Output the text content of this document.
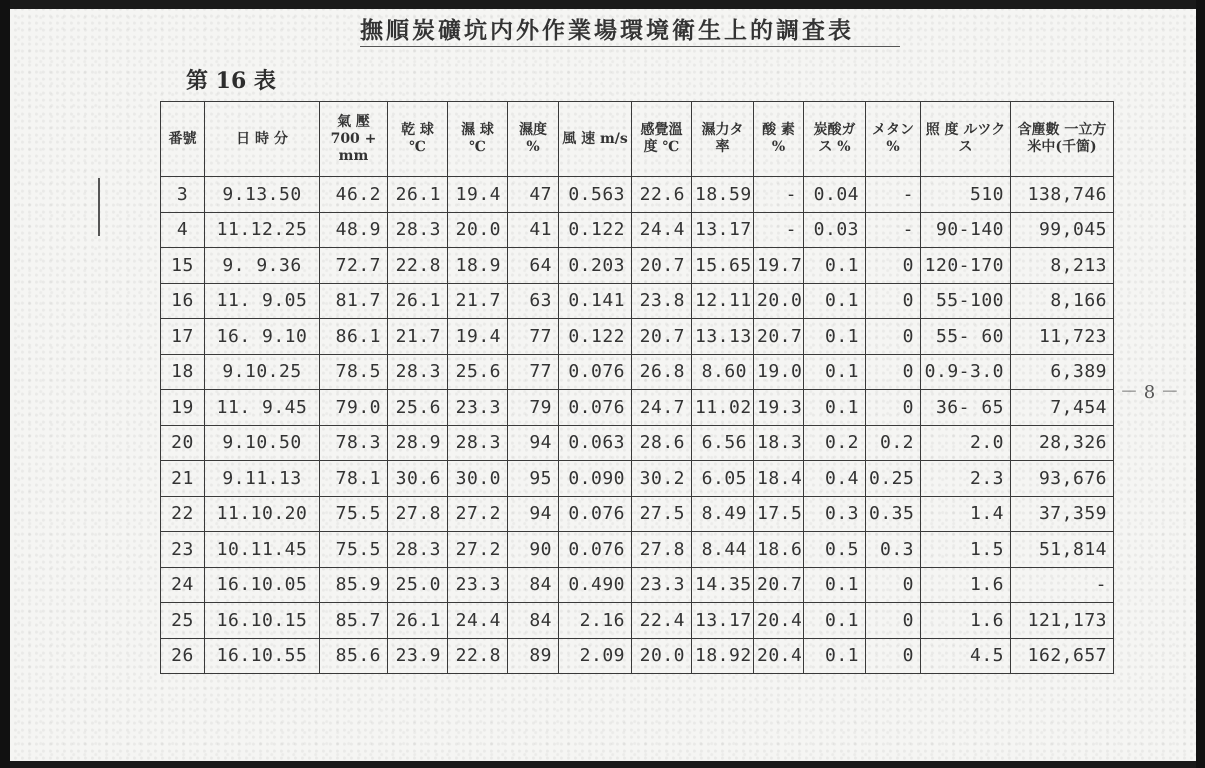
撫順炭礦坑内外作業場環境衛生上的調査表
第 16 表
－ 8 －
番號	日 時 分	氣 壓 700 + mm	乾 球 ℃	濕 球 ℃	濕度 %	風 速 m/s	感覺溫度 ℃	濕力タ 率	酸 素 %	炭酸ガス %	メタン %	照 度 ルツクス	含塵數 一立方米中(千箇)

3	9.13.50	46.2	26.1	19.4	47	0.563	22.6	18.59	-	0.04	-	510	138,746
4	11.12.25	48.9	28.3	20.0	41	0.122	24.4	13.17	-	0.03	-	90-140	99,045
15	9. 9.36	72.7	22.8	18.9	64	0.203	20.7	15.65	19.7	0.1	0	120-170	8,213
16	11. 9.05	81.7	26.1	21.7	63	0.141	23.8	12.11	20.0	0.1	0	55-100	8,166
17	16. 9.10	86.1	21.7	19.4	77	0.122	20.7	13.13	20.7	0.1	0	55- 60	11,723
18	9.10.25	78.5	28.3	25.6	77	0.076	26.8	8.60	19.0	0.1	0	0.9-3.0	6,389
19	11. 9.45	79.0	25.6	23.3	79	0.076	24.7	11.02	19.3	0.1	0	36- 65	7,454
20	9.10.50	78.3	28.9	28.3	94	0.063	28.6	6.56	18.3	0.2	0.2	2.0	28,326
21	9.11.13	78.1	30.6	30.0	95	0.090	30.2	6.05	18.4	0.4	0.25	2.3	93,676
22	11.10.20	75.5	27.8	27.2	94	0.076	27.5	8.49	17.5	0.3	0.35	1.4	37,359
23	10.11.45	75.5	28.3	27.2	90	0.076	27.8	8.44	18.6	0.5	0.3	1.5	51,814
24	16.10.05	85.9	25.0	23.3	84	0.490	23.3	14.35	20.7	0.1	0	1.6	-
25	16.10.15	85.7	26.1	24.4	84	2.16	22.4	13.17	20.4	0.1	0	1.6	121,173
26	16.10.55	85.6	23.9	22.8	89	2.09	20.0	18.92	20.4	0.1	0	4.5	162,657
